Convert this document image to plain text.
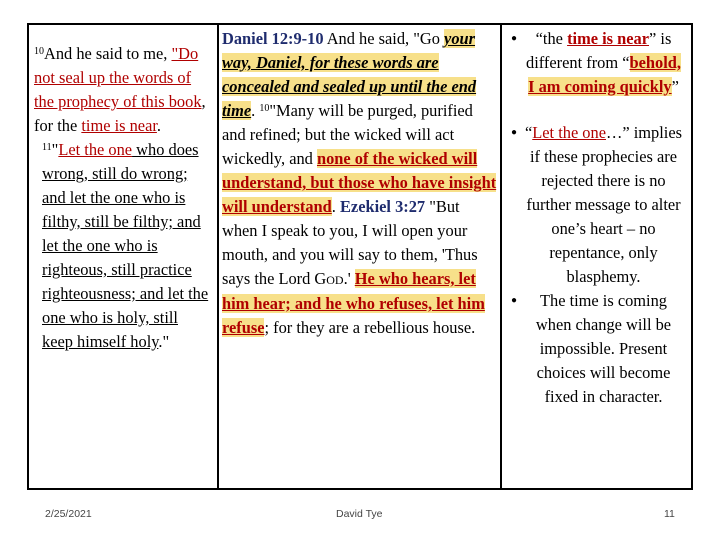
$^{10}$And he said to me, "Do not seal up the words of the prophecy of this book, for the time is near.
$^{11}$"Let the one who does wrong, still do wrong; and let the one who is filthy, still be filthy; and let the one who is righteous, still practice righteousness; and let the one who is holy, still keep himself holy."
Daniel 12:9-10 And he said, "Go your way, Daniel, for these words are concealed and sealed up until the end time. $^{10}$"Many will be purged, purified and refined; but the wicked will act wickedly, and none of the wicked will understand, but those who have insight will understand. Ezekiel 3:27 "But when I speak to you, I will open your mouth, and you will say to them, 'Thus says the Lord GOD.' He who hears, let him hear; and he who refuses, let him refuse; for they are a rebellious house.
●	“the time is near” is different from “behold, I am coming quickly”
● “Let the one…” implies if these prophecies are rejected there is no further message to alter one’s heart – no repentance, only blasphemy.
●	The time is coming when change will be impossible. Present choices will become fixed in character.
2/25/2021	David Tye	11
